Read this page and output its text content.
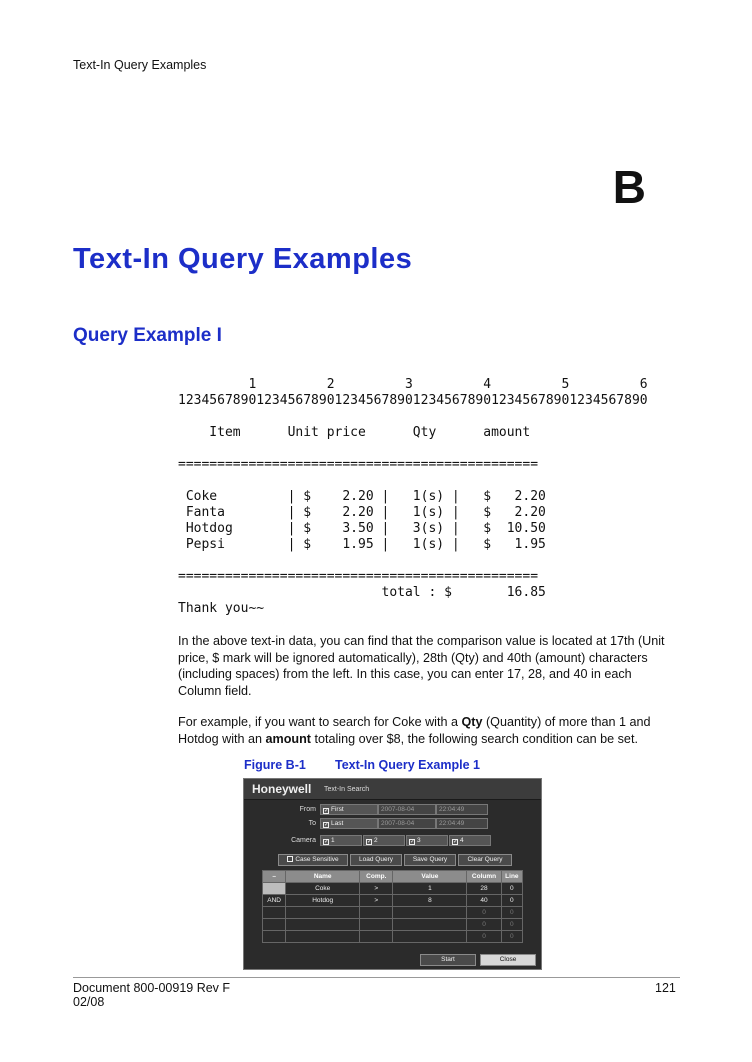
Text-In Query Examples
B
Text-In Query Examples
Query Example I
1         2         3         4         5         6
123456789012345678901234567890123456789012345678901234567890

Item      Unit price      Qty      amount

==============================================

Coke         | $    2.20 |   1(s) |   $   2.20
Fanta        | $    2.20 |   1(s) |   $   2.20
Hotdog       | $    3.50 |   3(s) |   $  10.50
Pepsi        | $    1.95 |   1(s) |   $   1.95

==============================================
total : $       16.85
Thank you~~
In the above text-in data, you can find that the comparison value is located at 17th (Unit price, $ mark will be ignored automatically), 28th (Qty) and 40th (amount) characters (including spaces) from the left. In this case, you can enter 17, 28, and 40 in each Column field.
For example, if you want to search for Coke with a Qty (Quantity) of more than 1 and Hotdog with an amount totaling over $8, the following search condition can be set.
Figure B-1 Text-In Query Example 1
Honeywell Text-In Search
From	✓ First	2007-08-04	22:04:49
To	✓ Last	2007-08-04	22:04:49
Camera	✓ 1	✓ 2	✓ 3	✓ 4
Case Sensitive	Load Query	Save Query	Clear Query
–	Name	Comp.	Value	Column	Line
	Coke	>	1	28	0
AND	Hotdog	>	8	40	0
				0	0
				0	0
				0	0
Start	Close
Document 800-00919 Rev F
02/08
121
